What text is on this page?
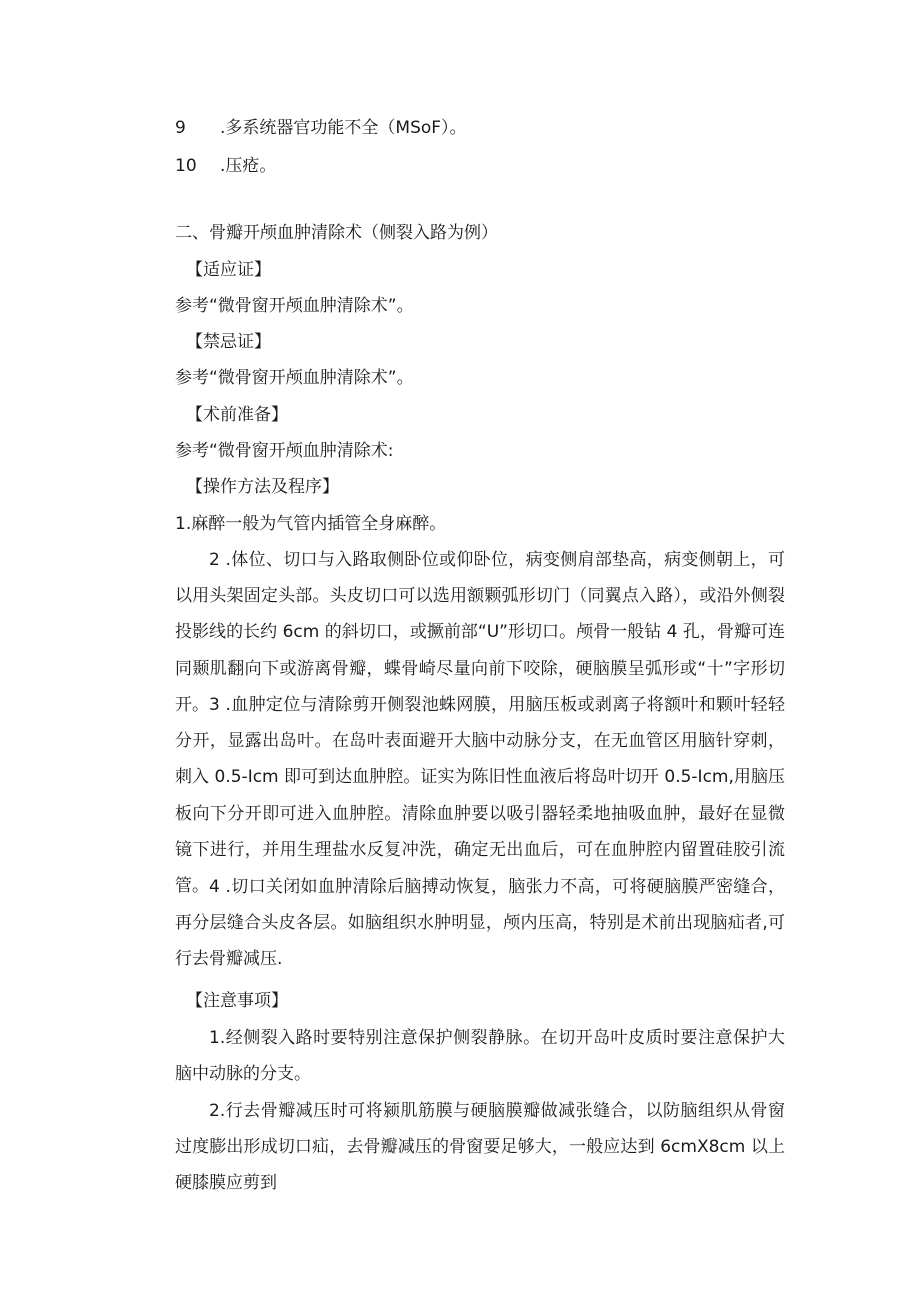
9 .多系统器官功能不全（MSoF）。
10 .压疮。
二、骨瓣开颅血肿清除术（侧裂入路为例）
【适应证】
参考“微骨窗开颅血肿清除术”。
【禁忌证】
参考“微骨窗开颅血肿清除术”。
【术前准备】
参考“微骨窗开颅血肿清除术:
【操作方法及程序】
1.麻醉一般为气管内插管全身麻醉。
2 .体位、切口与入路取侧卧位或仰卧位，病变侧肩部垫高，病变侧朝上，可以用头架固定头部。头皮切口可以选用额颗弧形切门（同翼点入路），或沿外侧裂投影线的长约 6cm 的斜切口，或撅前部“U”形切口。颅骨一般钻 4 孔，骨瓣可连同颞肌翻向下或游离骨瓣，蝶骨崎尽量向前下咬除，硬脑膜呈弧形或“十”字形切开。 3 .血肿定位与清除剪开侧裂池蛛网膜，用脑压板或剥离子将额叶和颗叶轻轻分开，显露出岛叶。在岛叶表面避开大脑中动脉分支，在无血管区用脑针穿刺，刺入 0.5-Icm 即可到达血肿腔。证实为陈旧性血液后将岛叶切开 0.5-Icm,用脑压板向下分开即可进入血肿腔。清除血肿要以吸引器轻柔地抽吸血肿，最好在显微镜下进行，并用生理盐水反复冲洗，确定无出血后，可在血肿腔内留置硅胶引流管。 4 .切口关闭如血肿清除后脑搏动恢复，脑张力不高，可将硬脑膜严密缝合，再分层缝合头皮各层。如脑组织水肿明显，颅内压高，特别是术前出现脑疝者,可行去骨瓣减压.
【注意事项】
1.经侧裂入路时要特别注意保护侧裂静脉。在切开岛叶皮质时要注意保护大脑中动脉的分支。
2.行去骨瓣减压时可将颍肌筋膜与硬脑膜瓣做减张缝合，以防脑组织从骨窗过度膨出形成切口疝，去骨瓣减压的骨窗要足够大，一般应达到 6cmX8cm 以上硬膝膜应剪到
